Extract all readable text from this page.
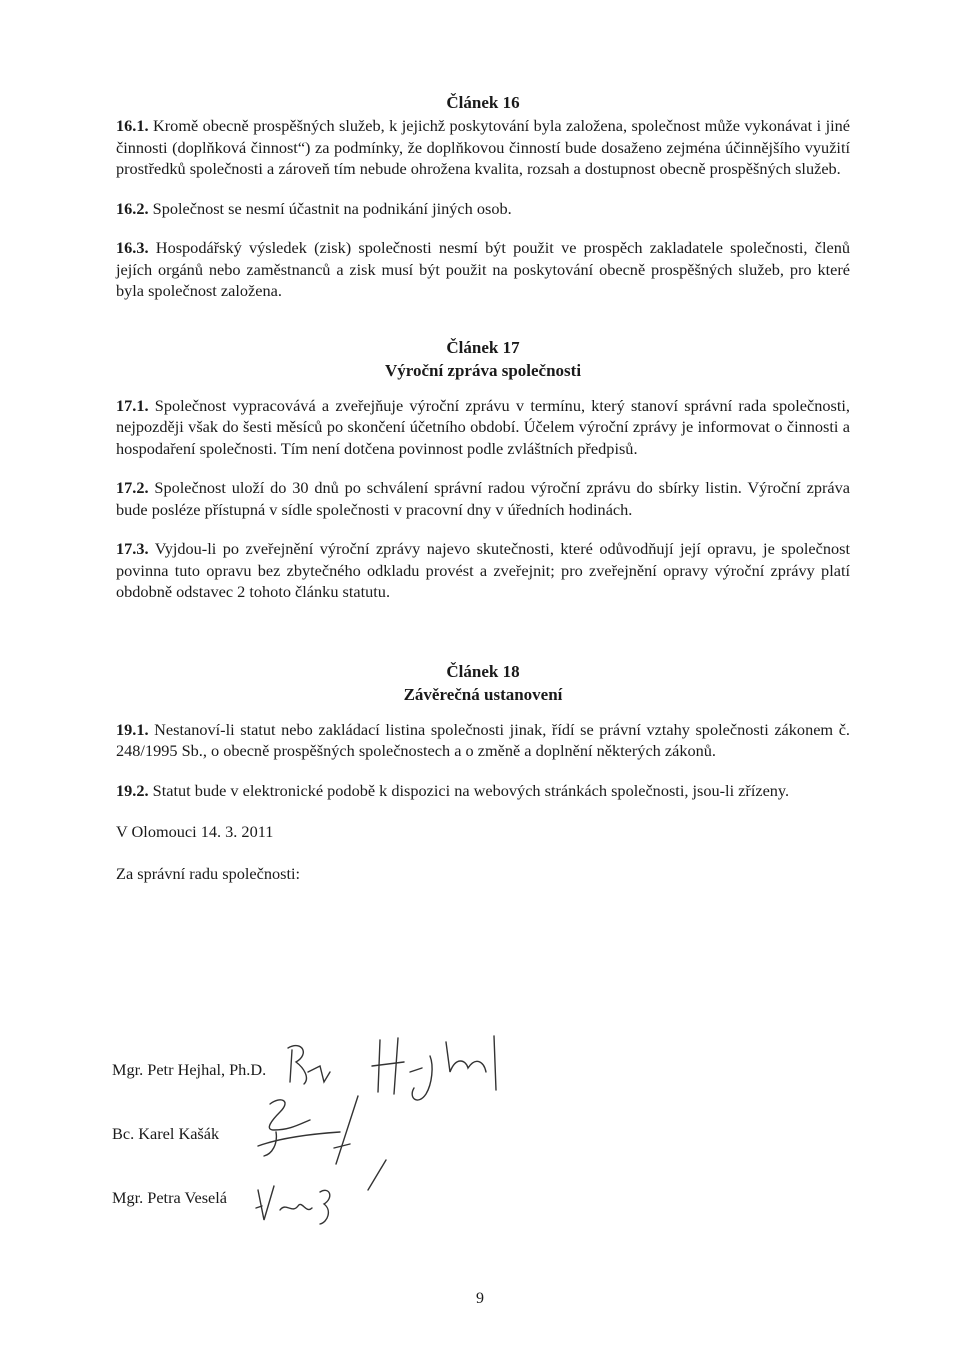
Článek 16

16.1. Kromě obecně prospěšných služeb, k jejichž poskytování byla založena, společnost může vykonávat i jiné činnosti (doplňková činnost“) za podmínky, že doplňkovou činností bude dosaženo zejména účinnějšího využití prostředků společnosti a zároveň tím nebude ohrožena kvalita, rozsah a dostupnost obecně prospěšných služeb.

16.2. Společnost se nesmí účastnit na podnikání jiných osob.

16.3. Hospodářský výsledek (zisk) společnosti nesmí být použit ve prospěch zakladatele společnosti, členů jejích orgánů nebo zaměstnanců a zisk musí být použit na poskytování obecně prospěšných služeb, pro které byla společnost založena.

Článek 17

Výroční zpráva společnosti

17.1. Společnost vypracovává a zveřejňuje výroční zprávu v termínu, který stanoví správní rada společnosti, nejpozději však do šesti měsíců po skončení účetního období. Účelem výroční zprávy je informovat o činnosti a hospodaření společnosti. Tím není dotčena povinnost podle zvláštních předpisů.

17.2. Společnost uloží do 30 dnů po schválení správní radou výroční zprávu do sbírky listin. Výroční zpráva bude posléze přístupná v sídle společnosti v pracovní dny v úředních hodinách.

17.3. Vyjdou-li po zveřejnění výroční zprávy najevo skutečnosti, které odůvodňují její opravu, je společnost povinna tuto opravu bez zbytečného odkladu provést a zveřejnit; pro zveřejnění opravy výroční zprávy platí obdobně odstavec 2 tohoto článku statutu.

Článek 18

Závěrečná ustanovení

19.1. Nestanoví-li statut nebo zakládací listina společnosti jinak, řídí se právní vztahy společnosti zákonem č. 248/1995 Sb., o obecně prospěšných společnostech a o změně a doplnění některých zákonů.

19.2. Statut bude v elektronické podobě k dispozici na webových stránkách společnosti, jsou-li zřízeny.

V Olomouci 14. 3. 2011

Za správní radu společnosti:

Mgr. Petr Hejhal, Ph.D.
Bc. Karel Kašák
Mgr. Petra Veselá
9
